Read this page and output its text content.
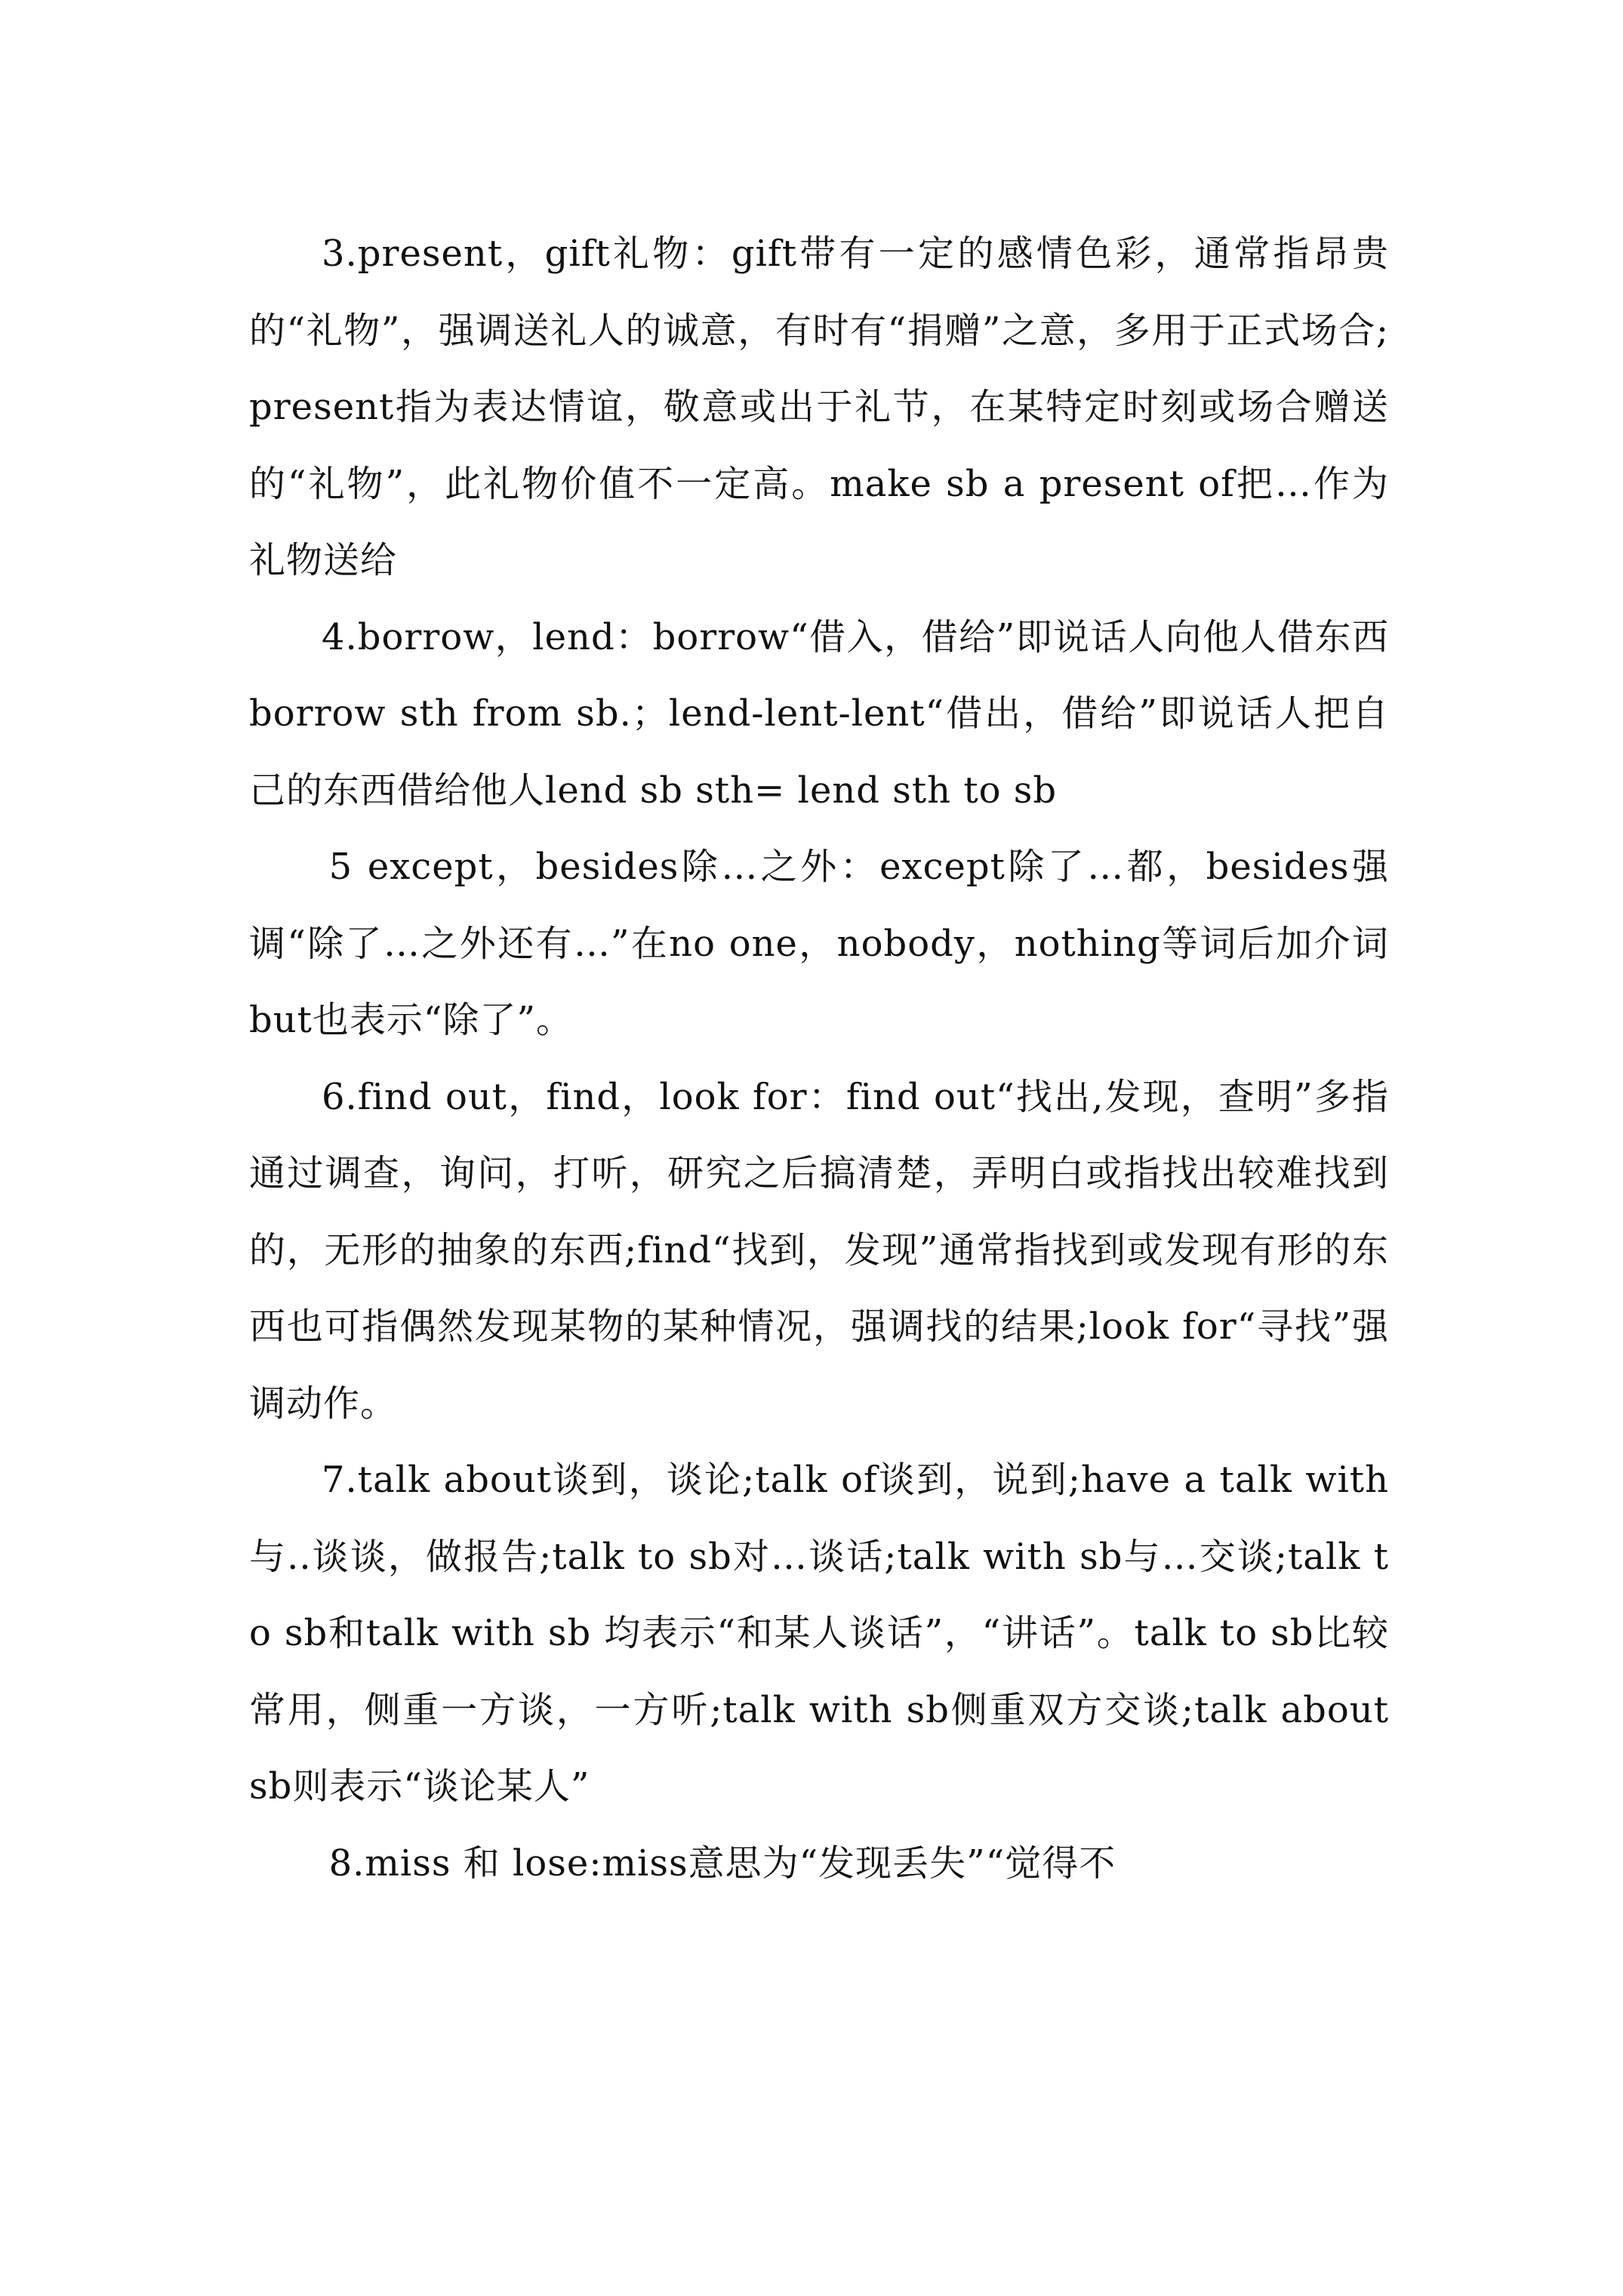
3.present，gift礼物：gift带有一定的感情色彩，通常指昂贵的“礼物”，强调送礼人的诚意，有时有“捐赠”之意，多用于正式场合;present指为表达情谊，敬意或出于礼节，在某特定时刻或场合赠送的“礼物”，此礼物价值不一定高。make sb a present of把…作为礼物送给

4.borrow，lend：borrow“借入，借给”即说话人向他人借东西borrow sth from sb.；lend-lent-lent“借出，借给”即说话人把自己的东西借给他人lend sb sth= lend sth to sb

5 except，besides除…之外：except除了…都，besides强调“除了…之外还有…”在no one，nobody，nothing等词后加介词but也表示“除了”。

6.find out，find，look for：find out“找出,发现，查明”多指通过调查，询问，打听，研究之后搞清楚，弄明白或指找出较难找到的，无形的抽象的东西;find“找到，发现”通常指找到或发现有形的东西也可指偶然发现某物的某种情况，强调找的结果;look for“寻找”强调动作。

7.talk about谈到，谈论;talk of谈到，说到;have a talk with与..谈谈，做报告;talk to sb对…谈话;talk with sb与…交谈;talk to sb和talk with sb 均表示“和某人谈话”，“讲话”。talk to sb比较常用，侧重一方谈，一方听;talk with sb侧重双方交谈;talk about sb则表示“谈论某人”

8.miss 和 lose:miss意思为“发现丢失”“觉得不
